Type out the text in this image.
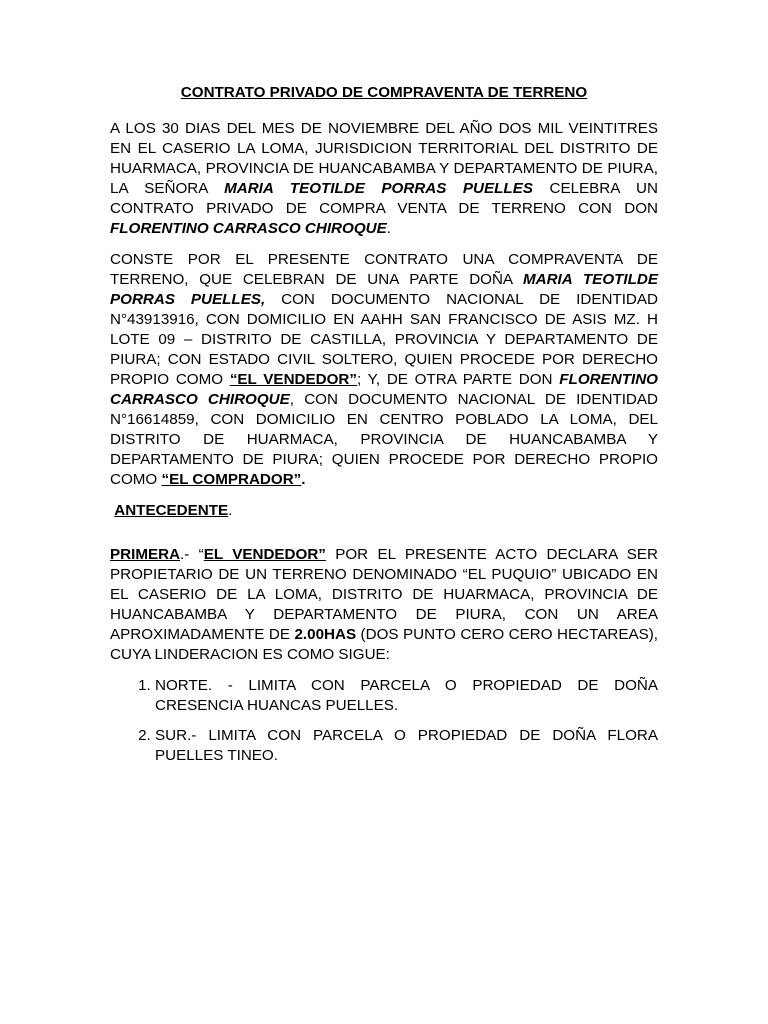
CONTRATO PRIVADO DE COMPRAVENTA DE TERRENO

A LOS 30 DIAS DEL MES DE NOVIEMBRE DEL AÑO DOS MIL VEINTITRES EN EL CASERIO LA LOMA, JURISDICION TERRITORIAL DEL DISTRITO DE HUARMACA, PROVINCIA DE HUANCABAMBA Y DEPARTAMENTO DE PIURA, LA SEÑORA MARIA TEOTILDE PORRAS PUELLES CELEBRA UN CONTRATO PRIVADO DE COMPRA VENTA DE TERRENO CON DON FLORENTINO CARRASCO CHIROQUE.

CONSTE POR EL PRESENTE CONTRATO UNA COMPRAVENTA DE TERRENO, QUE CELEBRAN DE UNA PARTE DOÑA MARIA TEOTILDE PORRAS PUELLES, CON DOCUMENTO NACIONAL DE IDENTIDAD N°43913916, CON DOMICILIO EN AAHH SAN FRANCISCO DE ASIS MZ. H LOTE 09 – DISTRITO DE CASTILLA, PROVINCIA Y DEPARTAMENTO DE PIURA; CON ESTADO CIVIL SOLTERO, QUIEN PROCEDE POR DERECHO PROPIO COMO “EL VENDEDOR”; Y, DE OTRA PARTE DON FLORENTINO CARRASCO CHIROQUE, CON DOCUMENTO NACIONAL DE IDENTIDAD N°16614859, CON DOMICILIO EN CENTRO POBLADO LA LOMA, DEL DISTRITO DE HUARMACA, PROVINCIA DE HUANCABAMBA Y DEPARTAMENTO DE PIURA; QUIEN PROCEDE POR DERECHO PROPIO COMO “EL COMPRADOR”.

ANTECEDENTE.

PRIMERA.- “EL VENDEDOR” POR EL PRESENTE ACTO DECLARA SER PROPIETARIO DE UN TERRENO DENOMINADO “EL PUQUIO” UBICADO EN EL CASERIO DE LA LOMA, DISTRITO DE HUARMACA, PROVINCIA DE HUANCABAMBA Y DEPARTAMENTO DE PIURA, CON UN AREA APROXIMADAMENTE DE 2.00HAS (DOS PUNTO CERO CERO HECTAREAS), CUYA LINDERACION ES COMO SIGUE:

1. NORTE. - LIMITA CON PARCELA O PROPIEDAD DE DOÑA CRESENCIA HUANCAS PUELLES.
2. SUR.- LIMITA CON PARCELA O PROPIEDAD DE DOÑA FLORA PUELLES TINEO.
